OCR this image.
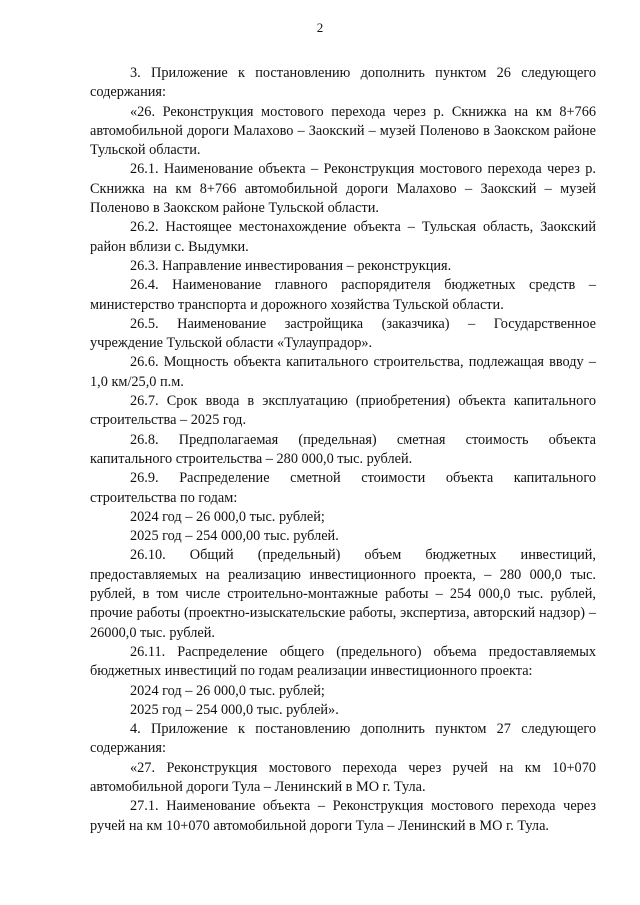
2

3. Приложение к постановлению дополнить пунктом 26 следующего содержания:

«26. Реконструкция мостового перехода через р. Скнижка на км 8+766 автомобильной дороги Малахово – Заокский – музей Поленово в Заокском районе Тульской области.

26.1. Наименование объекта – Реконструкция мостового перехода через р. Скнижка на км 8+766 автомобильной дороги Малахово – Заокский – музей Поленово в Заокском районе Тульской области.

26.2. Настоящее местонахождение объекта – Тульская область, Заокский район вблизи с. Выдумки.

26.3. Направление инвестирования – реконструкция.

26.4. Наименование главного распорядителя бюджетных средств – министерство транспорта и дорожного хозяйства Тульской области.

26.5. Наименование застройщика (заказчика) – Государственное учреждение Тульской области «Тулаупрадор».

26.6. Мощность объекта капитального строительства, подлежащая вводу – 1,0 км/25,0 п.м.

26.7. Срок ввода в эксплуатацию (приобретения) объекта капитального строительства – 2025 год.

26.8. Предполагаемая (предельная) сметная стоимость объекта капитального строительства – 280 000,0 тыс. рублей.

26.9. Распределение сметной стоимости объекта капитального строительства по годам:

2024 год – 26 000,0 тыс. рублей;

2025 год – 254 000,00 тыс. рублей.

26.10. Общий (предельный) объем бюджетных инвестиций, предоставляемых на реализацию инвестиционного проекта, – 280 000,0 тыс. рублей, в том числе строительно-монтажные работы – 254 000,0 тыс. рублей, прочие работы (проектно-изыскательские работы, экспертиза, авторский надзор) – 26000,0 тыс. рублей.

26.11. Распределение общего (предельного) объема предоставляемых бюджетных инвестиций по годам реализации инвестиционного проекта:

2024 год – 26 000,0 тыс. рублей;

2025 год – 254 000,0 тыс. рублей».

4. Приложение к постановлению дополнить пунктом 27 следующего содержания:

«27. Реконструкция мостового перехода через ручей на км 10+070 автомобильной дороги Тула – Ленинский в МО г. Тула.

27.1. Наименование объекта – Реконструкция мостового перехода через ручей на км 10+070 автомобильной дороги Тула – Ленинский в МО г. Тула.
